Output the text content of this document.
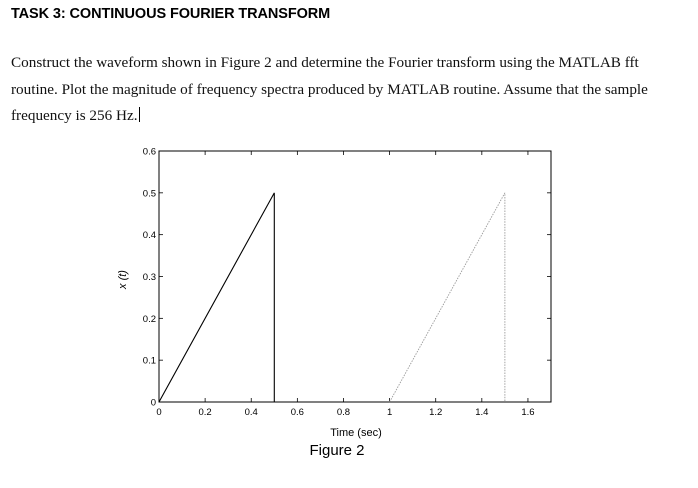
TASK 3: CONTINUOUS FOURIER TRANSFORM
Construct the waveform shown in Figure 2 and determine the Fourier transform using the MATLAB fft routine. Plot the magnitude of frequency spectra produced by MATLAB routine. Assume that the sample frequency is 256 Hz.
0	0.2	0.4	0.6	0.8	1	1.2	1.4	1.6
0
0.1
0.2
0.3
0.4
0.5
0.6
Time (sec)
x (t)
Figure 2
